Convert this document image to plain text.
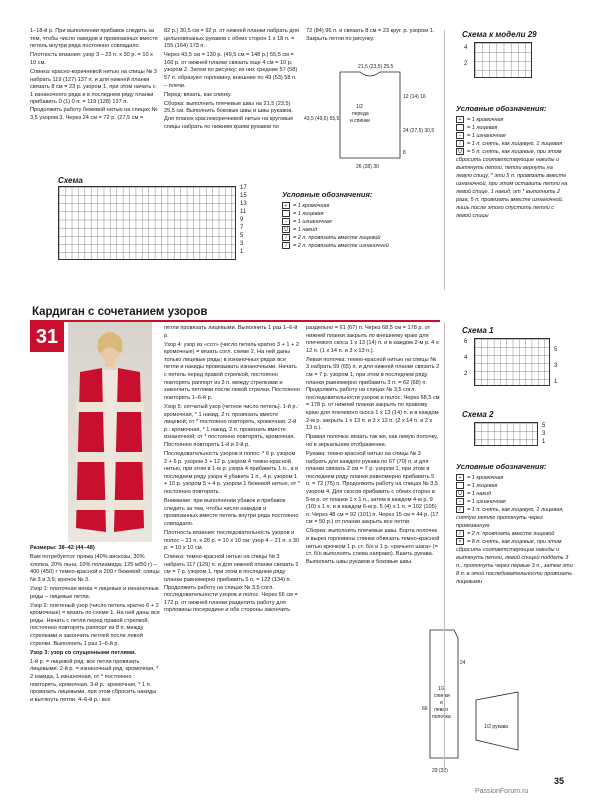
1–18-й р. При выполнении прибавок следить за тем, чтобы число накидов и провязанных вместе петель внутри ряда постоянно совпадало.

Плотность вязания: узор 3 – 23 п. x 30 р. = 10 x 10 см.

Спинка: красно-коричневой нитью на спицы № 3 набрать 119 (127) 137 п. и для нижней планки связать 8 см = 23 р. узором 1, при этом начать с 1 изнаночного ряда и в последнем ряду планки прибавить 0 (1) 0 п. = 119 (128) 137 п. Продолжить работу бежевой нитью на спицах № 3,5 узором 3. Через 24 см = 72 р. (27,5 см =

82 р.) 30,5 см = 92 р. от нижней планки набрать для цельновязаных рукавов с обеих сторон 1 x 18 п. = 155 (164) 173 п.

Через 43,5 см = 130 р. (49,5 см = 148 р.) 55,5 см = 166 р. от нижней планки связать еще 4 см = 10 р. узором 2. Затем по рисунку; из них средние 57 (58) 57 п. образуют горловину, внешние по 49 (53) 58 п. – плечи.

Перед: вязать, как спинку.

Сборка: выполнить плечевые швы на 21,5 (23,5) 25,5 см. Выполнить боковые швы и швы рукавов. Для планок краснокоричневой нитью на круговые спицы набрать по нижним краям рукавов по

72 (84) 96 п. и связать 8 см = 23 круг. р. узором 1. Закрыть петли по рисунку.

1/2
переда
и спинки
21,5 (23,5) 25,5
12 (14) 16
24 (27,5) 30,5
8
43,5 (49,5) 55,5
26 (28) 30
Схема
17
15
13
11
9
7
5
3
1
Условные обозначения:
+ = 1 кромочная
= 1 лицевая
− = 1 изнаночная
U = 1 накид
⁄ = 2 п. провязать вместе лицевой
⁄ = 2 п. провязать вместе изнаночной
Схема к модели 29
4
2
Условные обозначения:
+ = 1 кромочная
= 1 лицевая
− = 1 изнаночная
⁄ = 1 п. снять, как лицевую, 1 лицевая
U = 5 п. снять, как лицевые, при этом сбросить соответствующие накиды и вытянуть петли, петли вернуть на левую спицу, * эти 5 п. провязать вместе изнаночной, при этом оставить петли на левой спице, 1 накид, от * выполнить 2 раза, 5 п. провязать вместе изнаночной, лишь после этого спустить петли с левой спицы
Кардиган с сочетанием узоров
31

Размеры: 38–42 (44–48)

Вам потребуется: пряжа (40% вискозы, 30% хлопка, 20% льна, 10% полиамида; 125 м/50 г) – 400 (450) г темно-красной и 200 г бежевой; спицы № 3 и 3,5; крючок № 3.

Узор 1: платочная вязка = лицевые и изнаночные ряды – лицевые петли.

Узор 2: плетеный узор (число петель кратно 6 + 2 кромочные) = вязать по схеме 1. На ней даны все ряды. Начать с петли перед правой стрелкой, постоянно повторять раппорт из 8 п. между стрелками и закончить петлей после левой стрелки. Выполнить 1 раз 1–6-й р.

Узор 3: узор со спущенными петлями.

1-й р. = лицевой ряд: все петли провязать лицевыми. 2-й р. = изнаночный ряд: кромочная, * 2 накида, 1 изнаночная, от * постоянно повторять, кромочная. 3-й р.: кромочная, * 1 п. провязать лицевыми, при этом сбросить накиды и вытянуть петли. 4–6-й р.: все

петли провязать лицевыми. Выполнить 1 раз 1–6-й р.

Узор 4: узор из «сот» (число петель кратно 3 + 1 + 2 кромочные) = вязать согл. схеме 2. На ней даны только лицевые ряды; в изнаночных рядах все петли и накиды провязывать изнаночными. Начать с петель перед правой стрелкой, постоянно повторять раппорт из 3 п. между стрелками и закончить петлями после левой стрелки. Постоянно повторять 1–6-й р.

Узор 5: сетчатый узор (четное число петель). 1-й р.: кромочная, * 1 накид, 2 п. провязать вместе лицевой; от * постоянно повторять, кромочная. 2-й р.: кромочная, * 1 накид, 2 п. провязать вместе изнаночной; от * постоянно повторять, кромочная. Постоянно повторять 1-й и 2-й р.

Последовательность узоров и полос: * 6 р. узором 2 + 6 р. узором 3 + 12 р. узором 4 темно-красной нитью, при этом в 1-м р. узора 4 прибавить 1 п., а в последнем ряду узора 4 убавить 1 п., 4 р. узором 1 + 10 р. узором 5 + 4 р. узором 1 бежевой нитью, от * постоянно повторять.

Внимание: при выполнении убавок и прибавок следить за тем, чтобы число накидов и провязанных вместе петель внутри ряда постоянно совпадало.

Плотность вязания: последовательность узоров и полос – 21 п. x 26 р. = 10 x 10 см; узор 4 – 21 п. x 30 р. = 10 x 10 см.

Спинка: темно-красной нитью на спицы № 3 набрать 117 (129) п. и для нижней планки связать 2 см = 7 р. узором 1, при этом в последнем ряду планки равномерно прибавить 5 п. = 122 (134) п. Продолжить работу на спицах № 3,5 согл. последовательности узоров и полос. Через 66 см = 172 р. от нижней планки разделить работу для горловины посередине и обе стороны закончить

раздельно = 61 (67) п. Через 68,5 см = 178 р. от нижней планки закрыть по внешнему краю для плечевого скоса 1 x 13 (14) п. и в каждом 2-м р. 4 x 12 п. (1 x 14 п. и 3 x 13 п.).

Левая полочка: темно-красной нитью на спицы № 3 набрать 59 (65) п. и для нижней планки связать 2 см = 7 р. узором 1, при этом в последнем ряду планки равномерно прибавить 3 п. = 62 (68) п. Продолжить работу на спицах № 3,5 согл. последовательности узоров и полос. Через 68,5 см = 178 р. от нижней планки закрыть по правому краю для плечевого скоса 1 x 13 (14) п. и в каждом 2-м р. закрыть 1 x 13 п. и 3 x 12 п. (2 x 14 п. и 2 x 13 п.).

Правая полочка: вязать так же, как левую полочку, но в зеркальном отображении.

Рукава: темно-красной нитью на спицы № 3 набрать для каждого рукава по 67 (70) п. и для планки связать 2 см = 7 р. узором 1, при этом в последнем ряду планки равномерно прибавить 5 п. = 72 (75) п. Продолжить работу на спицах № 3,5 узором 4. Для скосов прибавить с обеих сторон в 5-м р. от планки 1 x 1 п., затем в каждом 4-м р. 9 (10) x 1 п. и в каждом 6-м р. 5 (4) x 1 п. = 102 (105) п. Через 48 см = 92 (101) п. Через 15 см = 44 р. (17 см = 50 р.) от планки закрыть все петли.

Сборка: выполнить плечевые швы. Борта полочек и вырез горловины спинки обвязать темно-красной нитью крючком 1 р. ст. б/н и 1 р. «рачьего шага» (= ст. б/н выполнять слева направо). Вшить рукава. Выполнить швы рукавов и боковые швы.

1/2
спинки
и
левая
полочка
1/2 рукава
66
24
29 (32)
Схема 1
6
4
2
5
3
1
Схема 2
5
3
1
Условные обозначения:
+ = 1 кромочная
= 1 лицевая
U = 1 накид
− = 1 изнаночная
⁄ = 1 п. снять, как лицевую, 1 лицевая, снятую петлю протянуть через провязанную
⁄ = 2 п. провязать вместе лицевой
× = 8 п. снять, как лицевые, при этом сбросить соответствующие накиды и вытянуть петли, левой спицей поддеть 3 п., протянуть через первые 3 п., затем эти 8 п. в этой последовательности провязать лицевыми
35
PassionForum.ru
